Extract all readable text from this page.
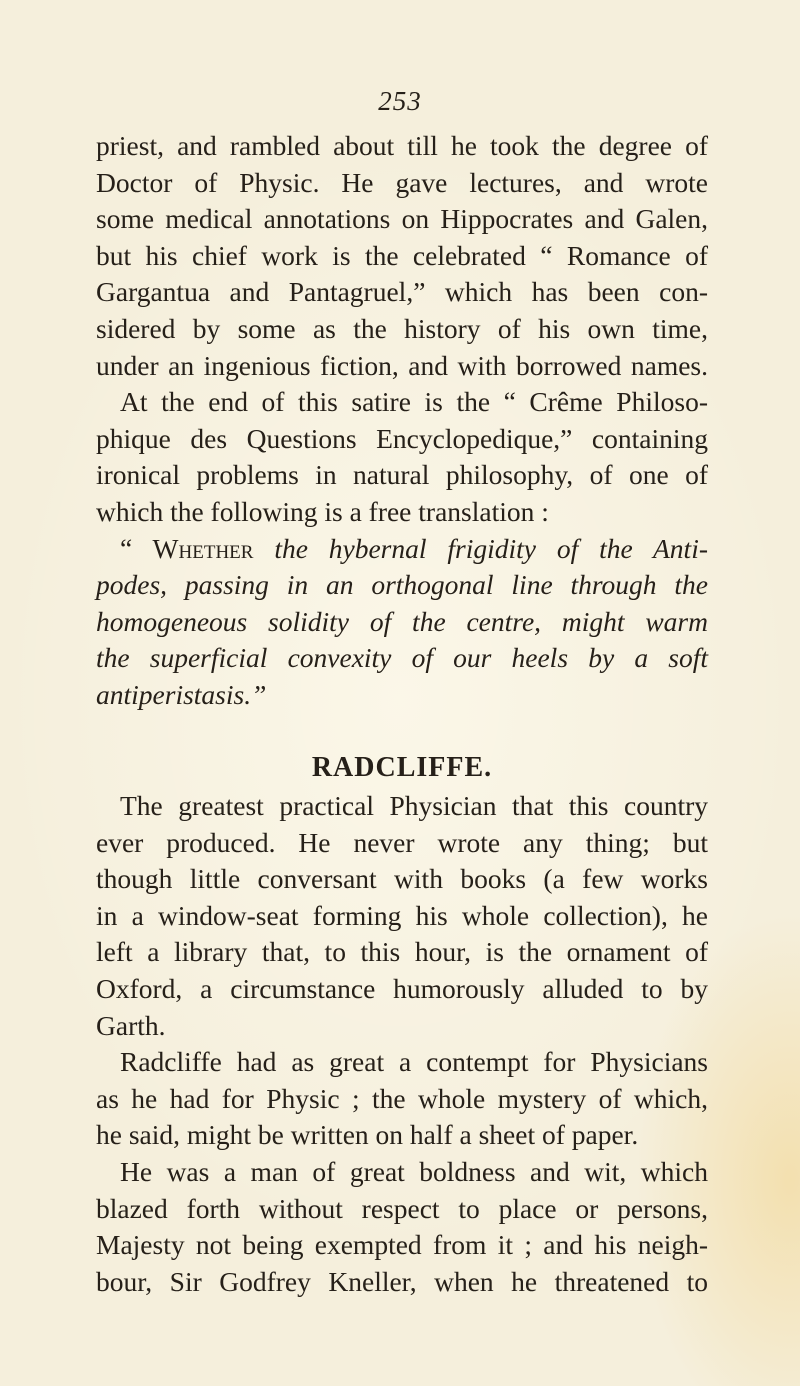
253
priest, and rambled about till he took the degree of
Doctor of Physic. He gave lectures, and wrote
some medical annotations on Hippocrates and Galen,
but his chief work is the celebrated “ Romance of
Gargantua and Pantagruel,” which has been con-
sidered by some as the history of his own time,
under an ingenious fiction, and with borrowed names.
At the end of this satire is the “ Crême Philoso-
phique des Questions Encyclopedique,” containing
ironical problems in natural philosophy, of one of
which the following is a free translation :
“ Whether the hybernal frigidity of the Anti-
podes, passing in an orthogonal line through the
homogeneous solidity of the centre, might warm
the superficial convexity of our heels by a soft
antiperistasis.”
RADCLIFFE.
The greatest practical Physician that this country
ever produced. He never wrote any thing; but
though little conversant with books (a few works
in a window-seat forming his whole collection), he
left a library that, to this hour, is the ornament of
Oxford, a circumstance humorously alluded to by
Garth.
Radcliffe had as great a contempt for Physicians
as he had for Physic ; the whole mystery of which,
he said, might be written on half a sheet of paper.
He was a man of great boldness and wit, which
blazed forth without respect to place or persons,
Majesty not being exempted from it ; and his neigh-
bour, Sir Godfrey Kneller, when he threatened to
